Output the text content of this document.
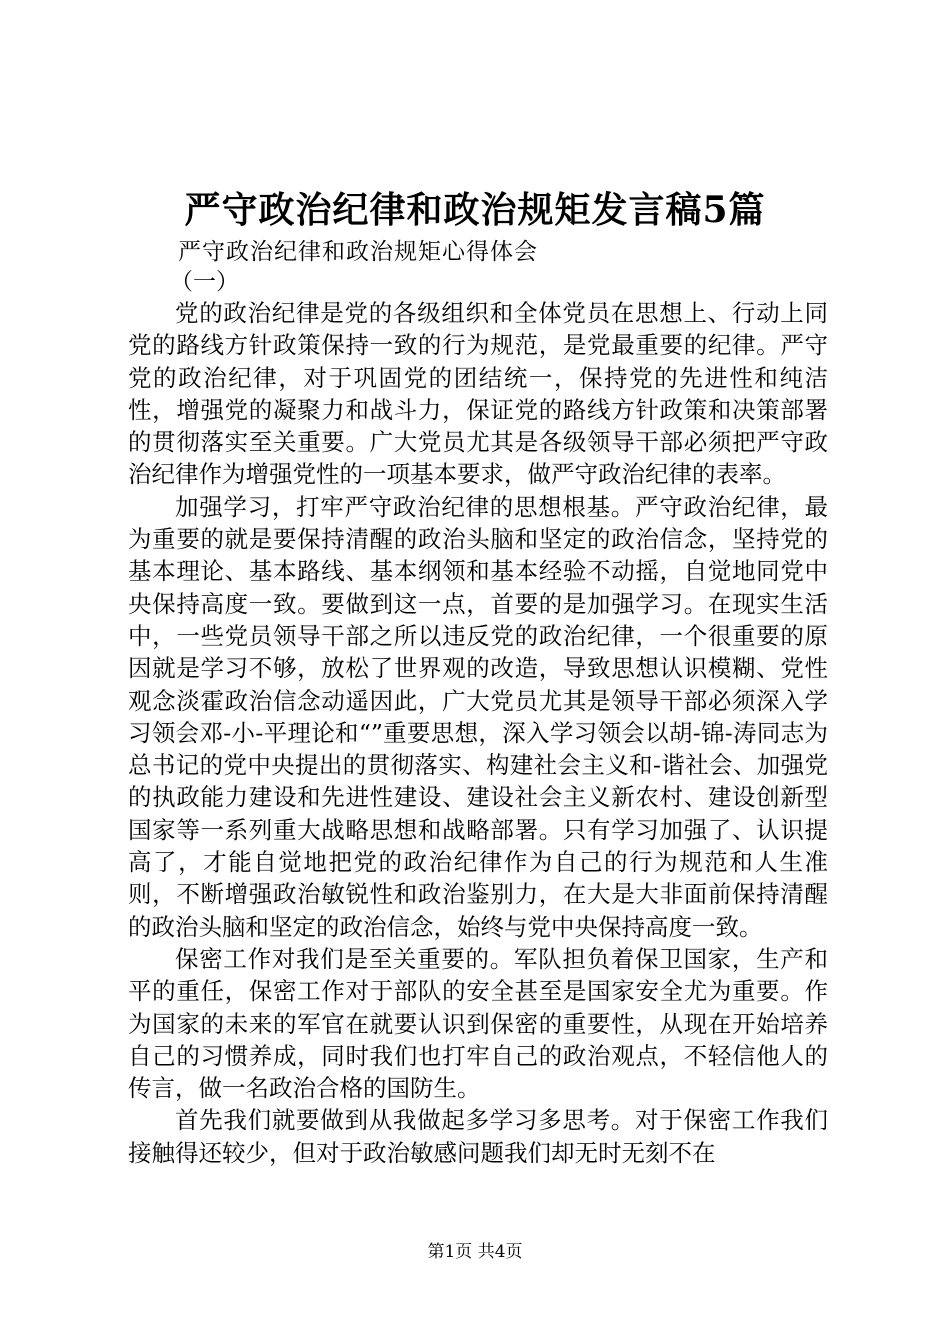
严守政治纪律和政治规矩发言稿5篇
严守政治纪律和政治规矩心得体会
（一）

党的政治纪律是党的各级组织和全体党员在思想上、行动上同党的路线方针政策保持一致的行为规范，是党最重要的纪律。严守党的政治纪律，对于巩固党的团结统一，保持党的先进性和纯洁性，增强党的凝聚力和战斗力，保证党的路线方针政策和决策部署的贯彻落实至关重要。广大党员尤其是各级领导干部必须把严守政治纪律作为增强党性的一项基本要求，做严守政治纪律的表率。

加强学习，打牢严守政治纪律的思想根基。严守政治纪律，最为重要的就是要保持清醒的政治头脑和坚定的政治信念，坚持党的基本理论、基本路线、基本纲领和基本经验不动摇，自觉地同党中央保持高度一致。要做到这一点，首要的是加强学习。在现实生活中，一些党员领导干部之所以违反党的政治纪律，一个很重要的原因就是学习不够，放松了世界观的改造，导致思想认识模糊、党性观念淡霍政治信念动遥因此，广大党员尤其是领导干部必须深入学习领会邓-小-平理论和“”重要思想，深入学习领会以胡-锦-涛同志为总书记的党中央提出的贯彻落实、构建社会主义和-谐社会、加强党的执政能力建设和先进性建设、建设社会主义新农村、建设创新型国家等一系列重大战略思想和战略部署。只有学习加强了、认识提高了，才能自觉地把党的政治纪律作为自己的行为规范和人生准则，不断增强政治敏锐性和政治鉴别力，在大是大非面前保持清醒的政治头脑和坚定的政治信念，始终与党中央保持高度一致。

保密工作对我们是至关重要的。军队担负着保卫国家，生产和平的重任，保密工作对于部队的安全甚至是国家安全尤为重要。作为国家的未来的军官在就要认识到保密的重要性，从现在开始培养自己的习惯养成，同时我们也打牢自己的政治观点，不轻信他人的传言，做一名政治合格的国防生。

首先我们就要做到从我做起多学习多思考。对于保密工作我们接触得还较少，但对于政治敏感问题我们却无时无刻不在

第1页 共4页
